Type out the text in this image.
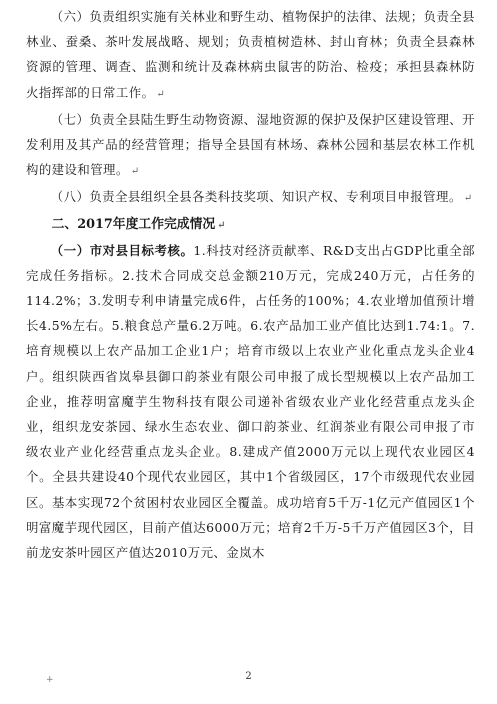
（六）负责组织实施有关林业和野生动、植物保护的法律、法规；负责全县林业、蚕桑、茶叶发展战略、规划；负责植树造林、封山育林；负责全县森林资源的管理、调查、监测和统计及森林病虫鼠害的防治、检疫；承担县森林防火指挥部的日常工作。 ↵

（七）负责全县陆生野生动物资源、湿地资源的保护及保护区建设管理、开发利用及其产品的经营管理；指导全县国有林场、森林公园和基层农林工作机构的建设和管理。 ↵

（八）负责全县组织全县各类科技奖项、知识产权、专利项目申报管理。 ↵

二、2017年度工作完成情况 ↵

（一）市对县目标考核。1.科技对经济贡献率、R&D支出占GDP比重全部完成任务指标。2.技术合同成交总金额210万元，完成240万元，占任务的114.2%；3.发明专利申请量完成6件，占任务的100%；4.农业增加值预计增长4.5%左右。5.粮食总产量6.2万吨。6.农产品加工业产值比达到1.74:1。7.培育规模以上农产品加工企业1户；培育市级以上农业产业化重点龙头企业4户。组织陕西省岚皋县御口韵茶业有限公司申报了成长型规模以上农产品加工企业，推荐明富魔芋生物科技有限公司递补省级农业产业化经营重点龙头企业，组织龙安茶园、绿水生态农业、御口韵茶业、红润茶业有限公司申报了市级农业产业化经营重点龙头企业。8.建成产值2000万元以上现代农业园区4个。全县共建设40个现代农业园区，其中1个省级园区，17个市级现代农业园区。基本实现72个贫困村农业园区全覆盖。成功培育5千万-1亿元产值园区1个明富魔芋现代园区，目前产值达6000万元；培育2千万-5千万产值园区3个，目前龙安茶叶园区产值达2010万元、金岚木

+	2
